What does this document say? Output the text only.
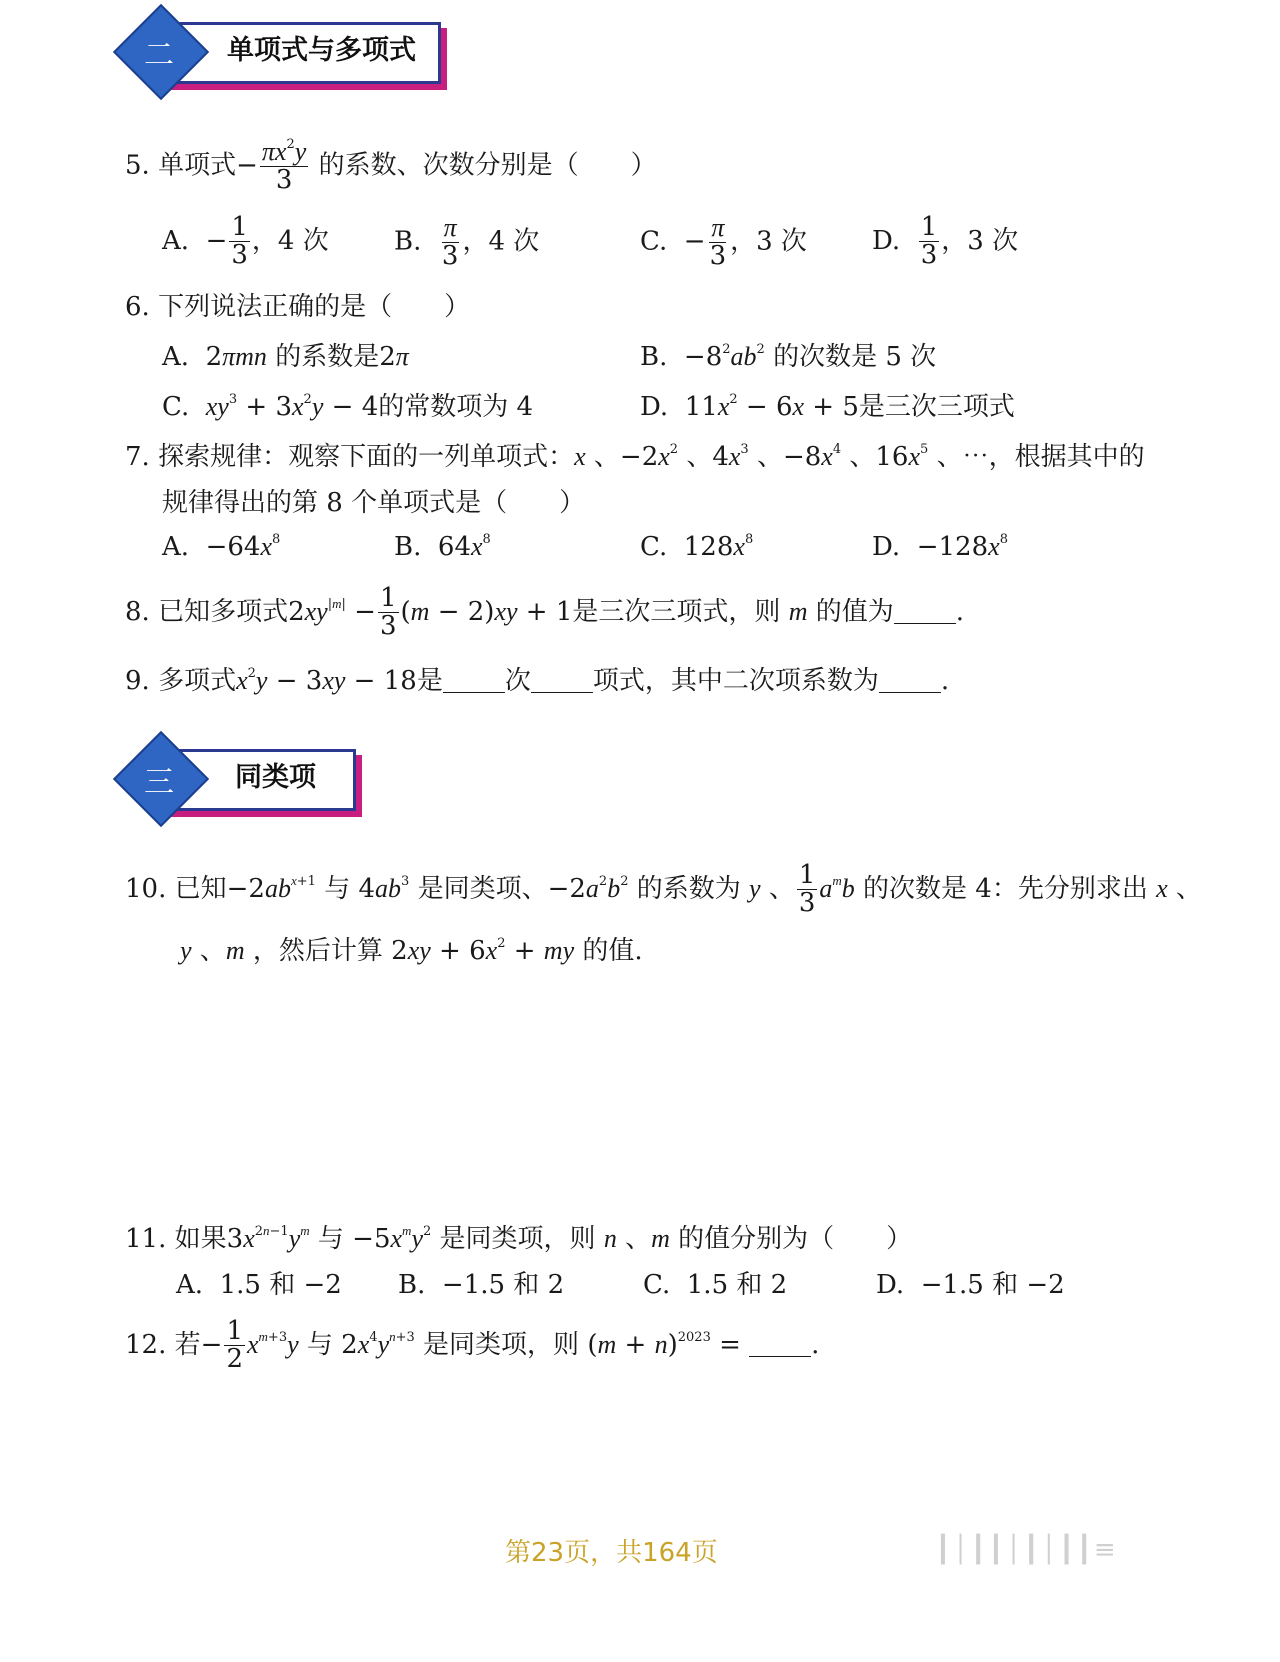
二	单项式与多项式
5. 单项式− $\frac{\pi x^2y}{3}$ 的系数、次数分别是（　　）
A.  − $\frac{1}{3}$ ，4 次	B. $\frac{\pi}{3}$ ，4 次	C.  − $\frac{\pi}{3}$ ，3 次	D. $\frac{1}{3}$ ，3 次
6. 下列说法正确的是（　　）
A.  2πmn 的系数是2π	B.  $-8^2ab^2$ 的次数是 5 次
C. $xy^3 + 3x^2y - 4$的常数项为 4	D.  $11x^2 - 6x + 5$是三次三项式
7. 探索规律：观察下面的一列单项式：x 、$-2x^2$ 、$4x^3$ 、$-8x^4$ 、$16x^5$ 、⋯，根据其中的
规律得出的第 8 个单项式是（　　）
A. $-64x^8$	B. $64x^8$	C. $128x^8$	D. $-128x^8$
8. 已知多项式$2xy^{|m|} - \frac{1}{3} (m - 2)xy + 1$是三次三项式，则 m 的值为 .
9. 多项式$x^2y - 3xy - 18$是 次 项式，其中二次项系数为 .
三	同类项
10. 已知$-2ab^{x+1}$ 与 $4ab^3$ 是同类项、$-2a^2b^2$ 的系数为 y 、 $\frac{1}{3} a^mb$ 的次数是 4：先分别求出 x 、
y 、m ，然后计算 $2xy + 6x^2$ + my 的值.
11. 如果$3x^{2n-1}y^m$ 与 $-5x^my^2$ 是同类项，则 n 、m 的值分别为（　　）
A. 1.5 和 −2 B. −1.5 和 2	C. 1.5 和 2	D. −1.5 和 −2
12. 若− $\frac{1}{2} x^{m+3}y$ 与 $2x^4y^{n+3}$ 是同类项，则 $(m + n)^{2023}$ = .
第23页，共164页	┃│┃┃│┃│┃┃≡
